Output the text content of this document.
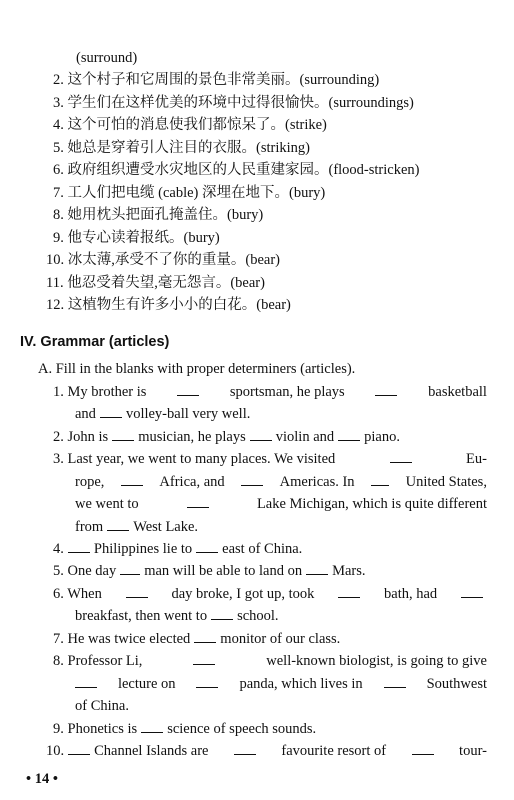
(surround)
2. 这个村子和它周围的景色非常美丽。(surrounding)
3. 学生们在这样优美的环境中过得很愉快。(surroundings)
4. 这个可怕的消息使我们都惊呆了。(strike)
5. 她总是穿着引人注目的衣服。(striking)
6. 政府组织遭受水灾地区的人民重建家园。(flood-stricken)
7. 工人们把电缆 (cable) 深埋在地下。(bury)
8. 她用枕头把面孔掩盖住。(bury)
9. 他专心读着报纸。(bury)
10. 冰太薄,承受不了你的重量。(bear)
11. 他忍受着失望,毫无怨言。(bear)
12. 这植物生有许多小小的白花。(bear)
IV. Grammar (articles)
A. Fill in the blanks with proper determiners (articles).
1. My brother is	sportsman, he plays	basketball
and volley-ball very well.
2. John is musician, he plays violin and piano.
3. Last year, we went to many places. We visited	Eu-
rope,	Africa, and	Americas. In	United States,
we went to	Lake Michigan, which is quite different
from West Lake.
4. Philippines lie to east of China.
5. One day man will be able to land on Mars.
6. When	day broke, I got up, took	bath, had
breakfast, then went to school.
7. He was twice elected monitor of our class.
8. Professor Li,	well-known biologist, is going to give
lecture on	panda, which lives in	Southwest
of China.
9. Phonetics is science of speech sounds.
10. Channel Islands are	favourite resort of	tour-
• 14 •
